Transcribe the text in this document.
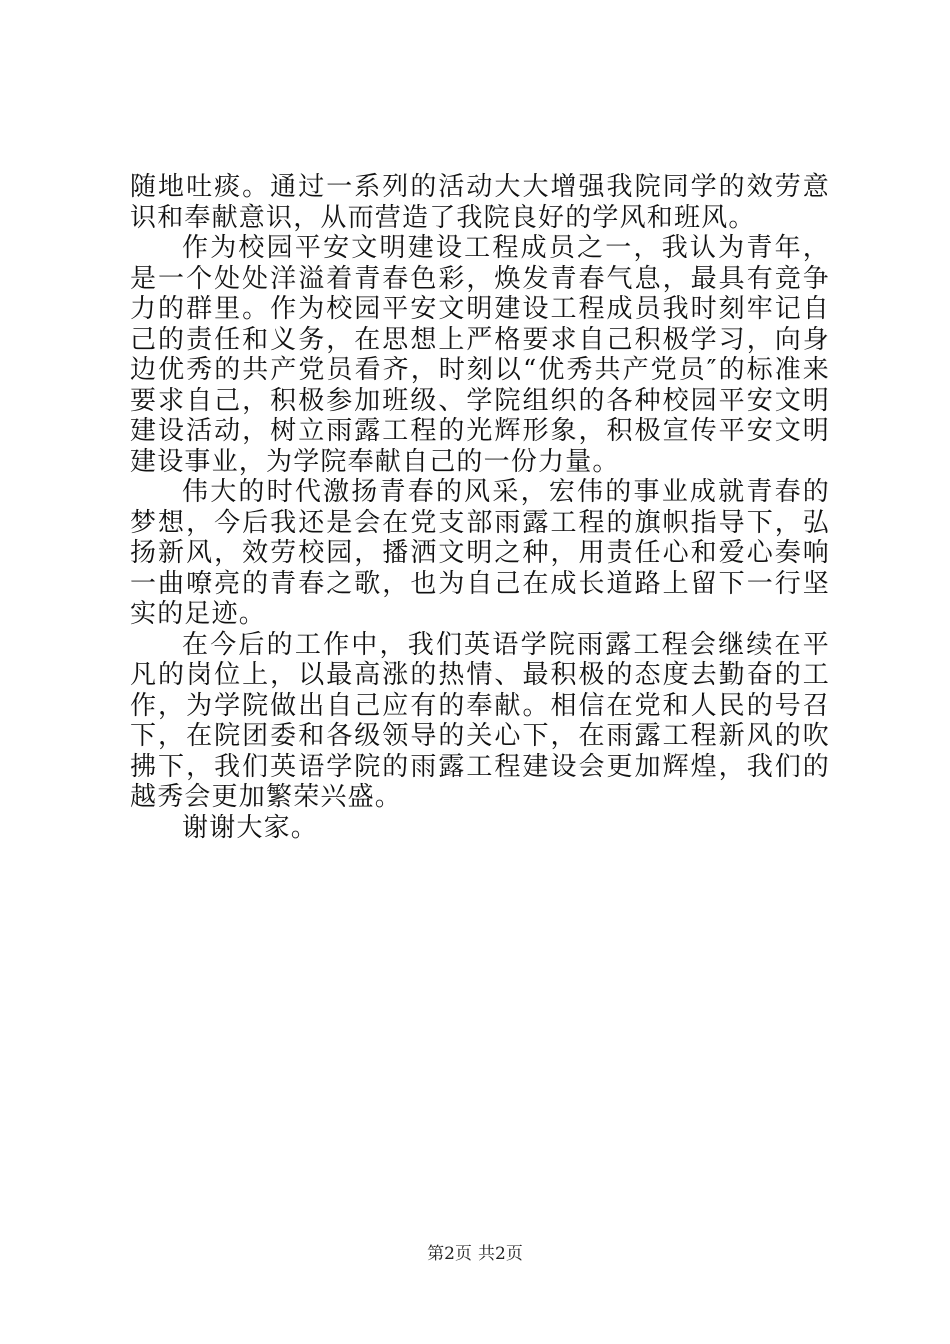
随地吐痰。通过一系列的活动大大增强我院同学的效劳意识和奉献意识，从而营造了我院良好的学风和班风。

作为校园平安文明建设工程成员之一，我认为青年，是一个处处洋溢着青春色彩，焕发青春气息，最具有竞争力的群里。作为校园平安文明建设工程成员我时刻牢记自己的责任和义务，在思想上严格要求自己积极学习，向身边优秀的共产党员看齐，时刻以“优秀共产党员″的标准来要求自己，积极参加班级、学院组织的各种校园平安文明建设活动，树立雨露工程的光辉形象，积极宣传平安文明建设事业，为学院奉献自己的一份力量。

伟大的时代激扬青春的风采，宏伟的事业成就青春的梦想，今后我还是会在党支部雨露工程的旗帜指导下，弘扬新风，效劳校园，播洒文明之种，用责任心和爱心奏响一曲嘹亮的青春之歌，也为自己在成长道路上留下一行坚实的足迹。

在今后的工作中，我们英语学院雨露工程会继续在平凡的岗位上，以最高涨的热情、最积极的态度去勤奋的工作，为学院做出自己应有的奉献。相信在党和人民的号召下，在院团委和各级领导的关心下，在雨露工程新风的吹拂下，我们英语学院的雨露工程建设会更加辉煌，我们的越秀会更加繁荣兴盛。

谢谢大家。

第2页 共2页
